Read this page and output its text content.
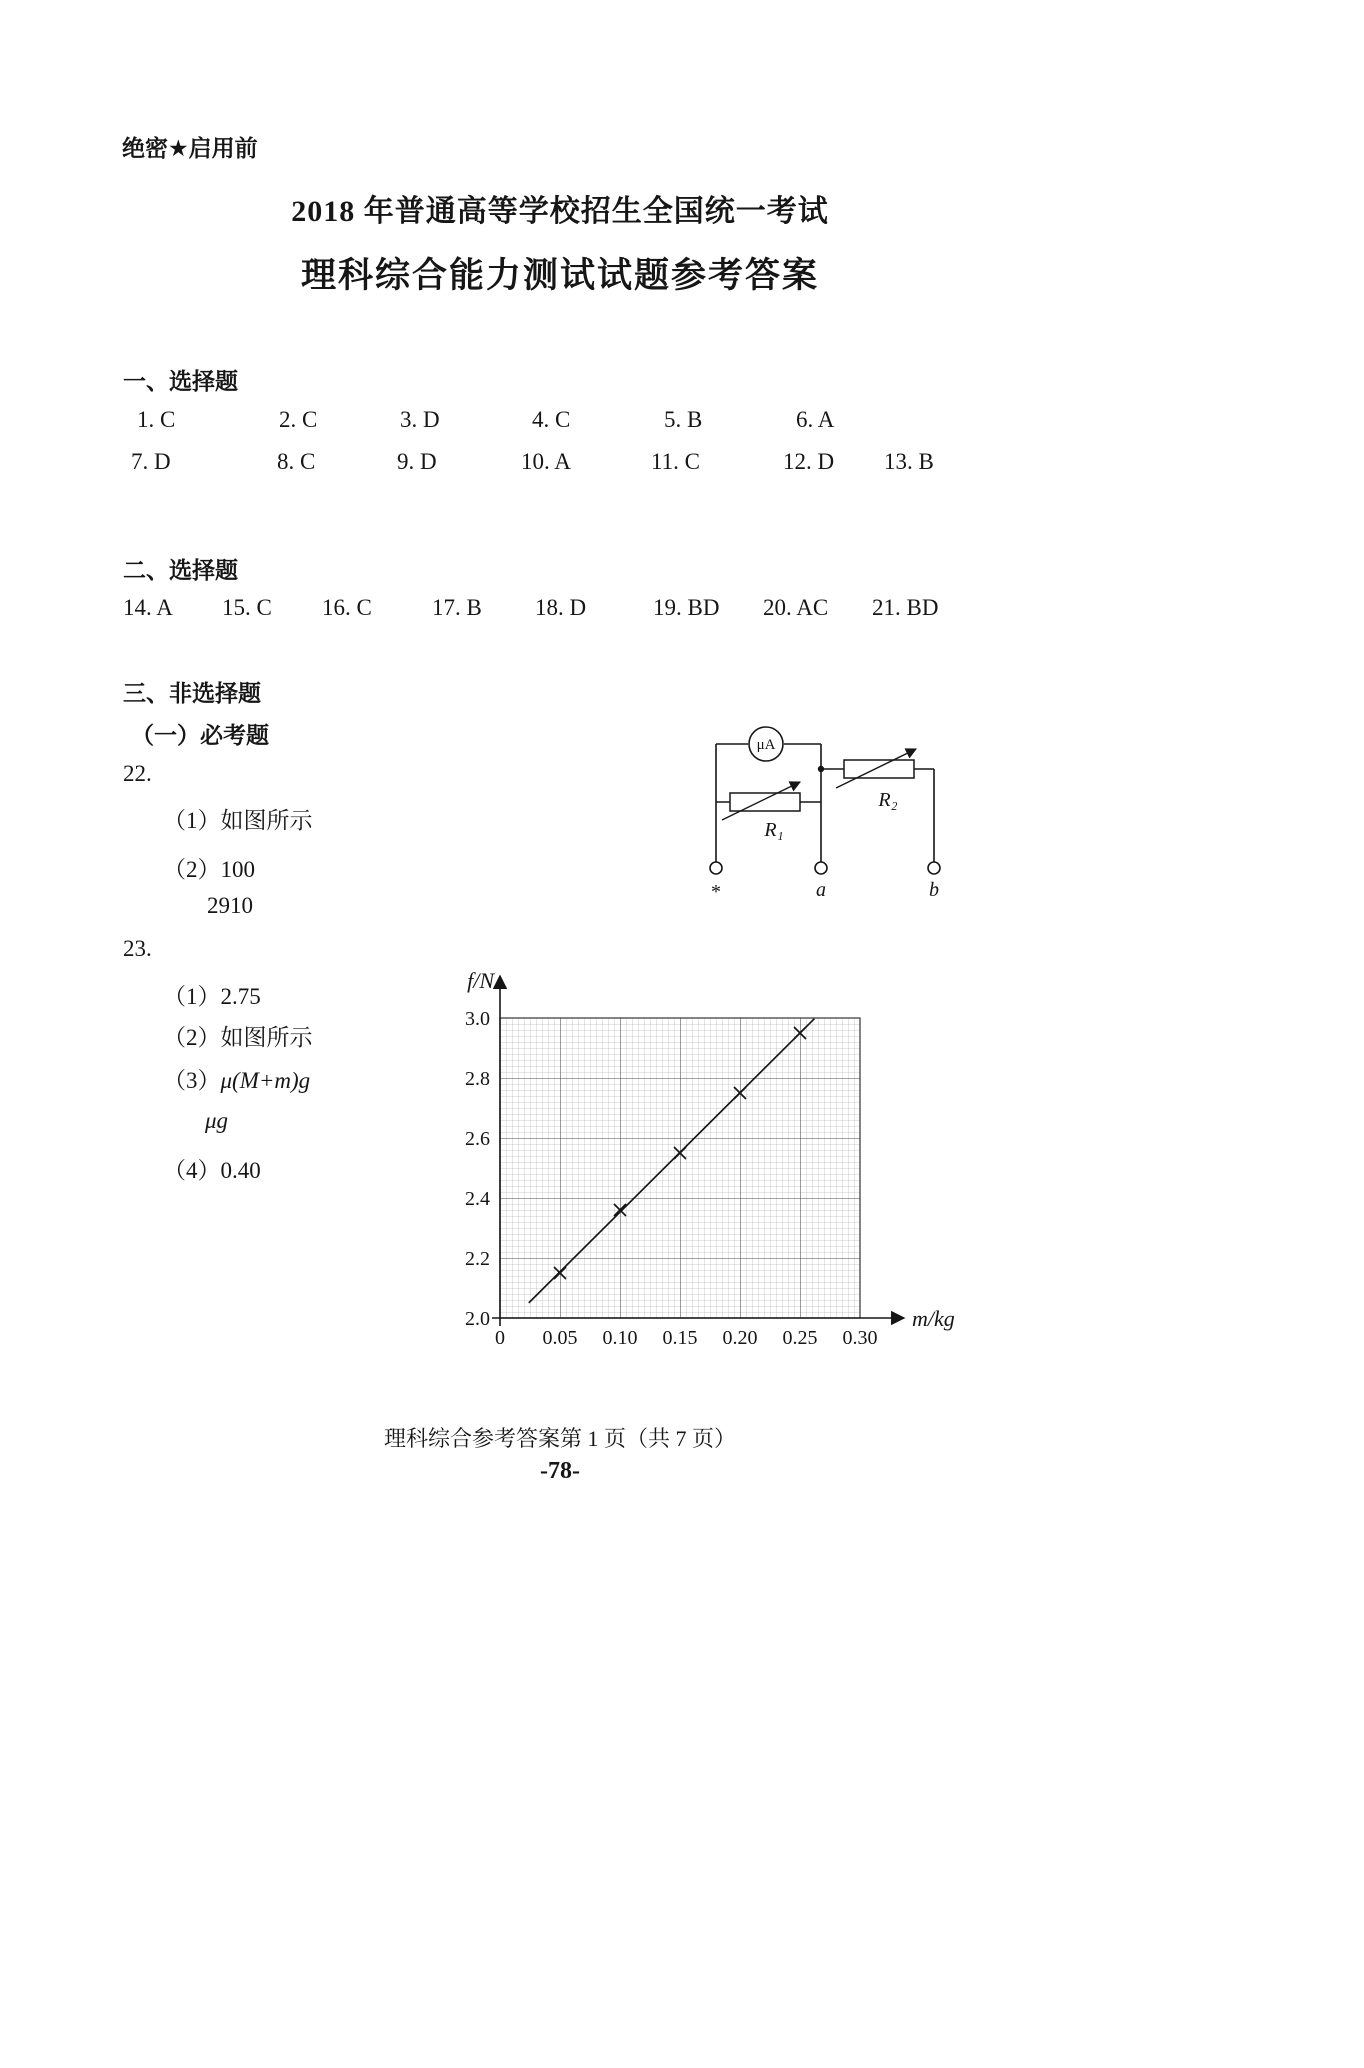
绝密★启用前
2018 年普通高等学校招生全国统一考试
理科综合能力测试试题参考答案
一、选择题
1. C	2. C	3. D	4. C	5. B	6. A
7. D	8. C	9. D	10. A	11. C	12. D 13. B
二、选择题
14. A 15. C 16. C	17. B 18. D	19. BD 20. AC 21. BD
三、非选择题
（一）必考题
22.
（1）如图所示
（2）100
2910
μA
R₁
R₂
*	a	b
23.
（1）2.75
（2）如图所示
（3）μ(M+m)g
μg
（4）0.40
f/N
m/kg
0 0.05 0.10 0.15 0.20 0.25 0.30
2.0
2.2
2.4
2.6
2.8
3.0
理科综合参考答案第 1 页（共 7 页）
-78-
